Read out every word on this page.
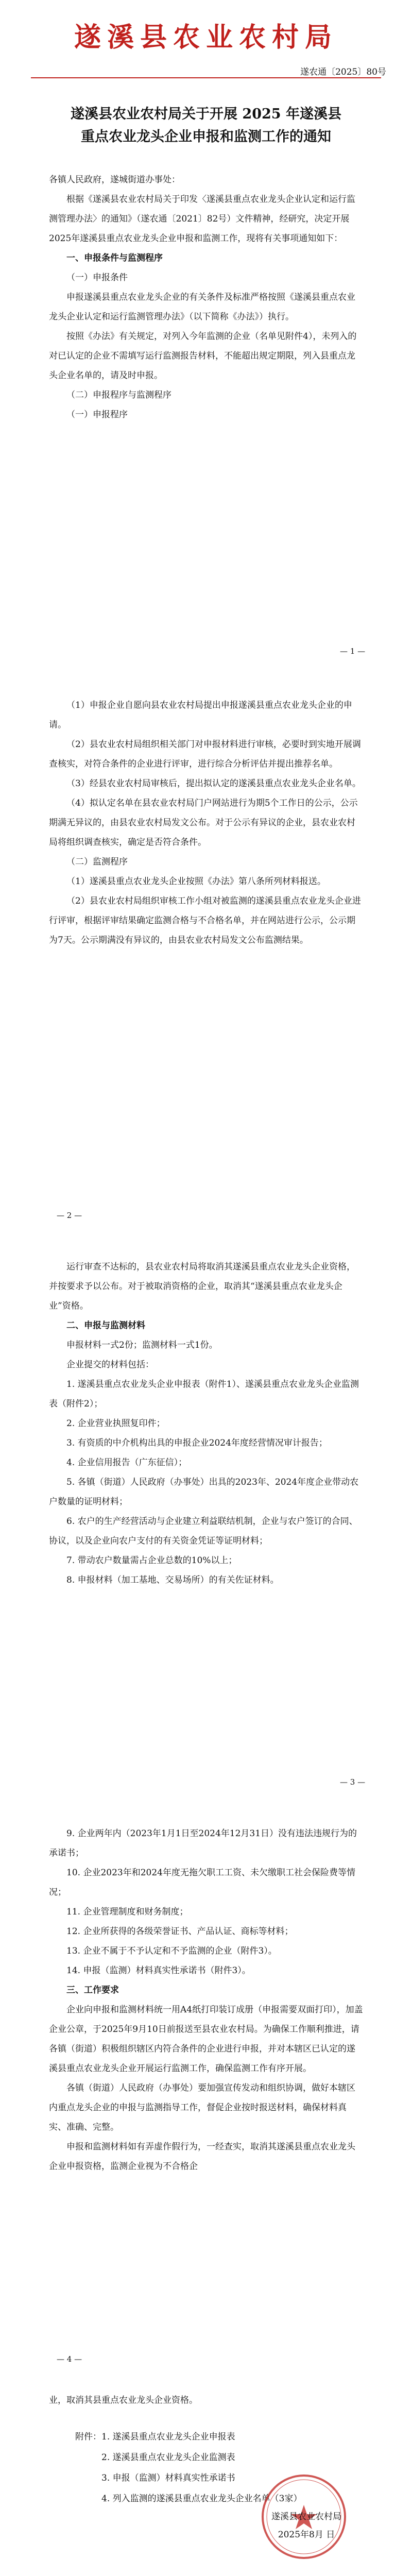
遂溪县农业农村局
遂农通〔2025〕80号
遂溪县农业农村局关于开展 2025 年遂溪县
重点农业龙头企业申报和监测工作的通知

各镇人民政府，遂城街道办事处：

根据《遂溪县农业农村局关于印发〈遂溪县重点农业龙头企业认定和运行监测管理办法〉的通知》（遂农通〔2021〕82号）文件精神，经研究，决定开展2025年遂溪县重点农业龙头企业申报和监测工作，现将有关事项通知如下：

一、申报条件与监测程序

（一）申报条件

申报遂溪县重点农业龙头企业的有关条件及标准严格按照《遂溪县重点农业龙头企业认定和运行监测管理办法》（以下简称《办法》）执行。

按照《办法》有关规定，对列入今年监测的企业（名单见附件4），未列入的对已认定的企业不需填写运行监测报告材料，不能超出规定期限，列入县重点龙头企业名单的，请及时申报。

（二）申报程序与监测程序

（一）申报程序

— 1 —

（1）申报企业自愿向县农业农村局提出申报遂溪县重点农业龙头企业的申请。

（2）县农业农村局组织相关部门对申报材料进行审核，必要时到实地开展调查核实，对符合条件的企业进行评审，进行综合分析评估并提出推荐名单。

（3）经县农业农村局审核后，提出拟认定的遂溪县重点农业龙头企业名单。

（4）拟认定名单在县农业农村局门户网站进行为期5个工作日的公示，公示期满无异议的，由县农业农村局发文公布。对于公示有异议的企业，县农业农村局将组织调查核实，确定是否符合条件。

（二）监测程序

（1）遂溪县重点农业龙头企业按照《办法》第八条所列材料报送。

（2）县农业农村局组织审核工作小组对被监测的遂溪县重点农业龙头企业进行评审，根据评审结果确定监测合格与不合格名单，并在网站进行公示，公示期为7天。公示期满没有异议的，由县农业农村局发文公布监测结果。

— 2 —

运行审查不达标的，县农业农村局将取消其遂溪县重点农业龙头企业资格，并按要求予以公布。对于被取消资格的企业，取消其“遂溪县重点农业龙头企业”资格。

二、申报与监测材料

申报材料一式2份；监测材料一式1份。

企业提交的材料包括：

1. 遂溪县重点农业龙头企业申报表（附件1）、遂溪县重点农业龙头企业监测表（附件2）；

2. 企业营业执照复印件；

3. 有资质的中介机构出具的申报企业2024年度经营情况审计报告；

4. 企业信用报告（广东征信）；

5. 各镇（街道）人民政府（办事处）出具的2023年、2024年度企业带动农户数量的证明材料；

6. 农户的生产经营活动与企业建立利益联结机制，企业与农户签订的合同、协议，以及企业向农户支付的有关资金凭证等证明材料；

7. 带动农户数量需占企业总数的10%以上；

8. 申报材料（加工基地、交易场所）的有关佐证材料。

— 3 —

9. 企业两年内（2023年1月1日至2024年12月31日）没有违法违规行为的承诺书；

10. 企业2023年和2024年度无拖欠职工工资、未欠缴职工社会保险费等情况；

11. 企业管理制度和财务制度；

12. 企业所获得的各级荣誉证书、产品认证、商标等材料；

13. 企业不属于不予认定和不予监测的企业（附件3）。

14. 申报（监测）材料真实性承诺书（附件3）。

三、工作要求

企业向申报和监测材料统一用A4纸打印装订成册（申报需要双面打印），加盖企业公章，于2025年9月10日前报送至县农业农村局。为确保工作顺利推进，请各镇（街道）积极组织辖区内符合条件的企业进行申报，并对本辖区已认定的遂溪县重点农业龙头企业开展运行监测工作，确保监测工作有序开展。

各镇（街道）人民政府（办事处）要加强宣传发动和组织协调，做好本辖区内重点龙头企业的申报与监测指导工作，督促企业按时报送材料，确保材料真实、准确、完整。

申报和监测材料如有弄虚作假行为，一经查实，取消其遂溪县重点农业龙头企业申报资格，监测企业视为不合格企

— 4 —

业，取消其县重点农业龙头企业资格。

附件：1. 遂溪县重点农业龙头企业申报表

2. 遂溪县重点农业龙头企业监测表

3. 申报（监测）材料真实性承诺书

4. 列入监测的遂溪县重点农业龙头企业名单（3家）

遂溪县农业农村局
2025年8月 日
